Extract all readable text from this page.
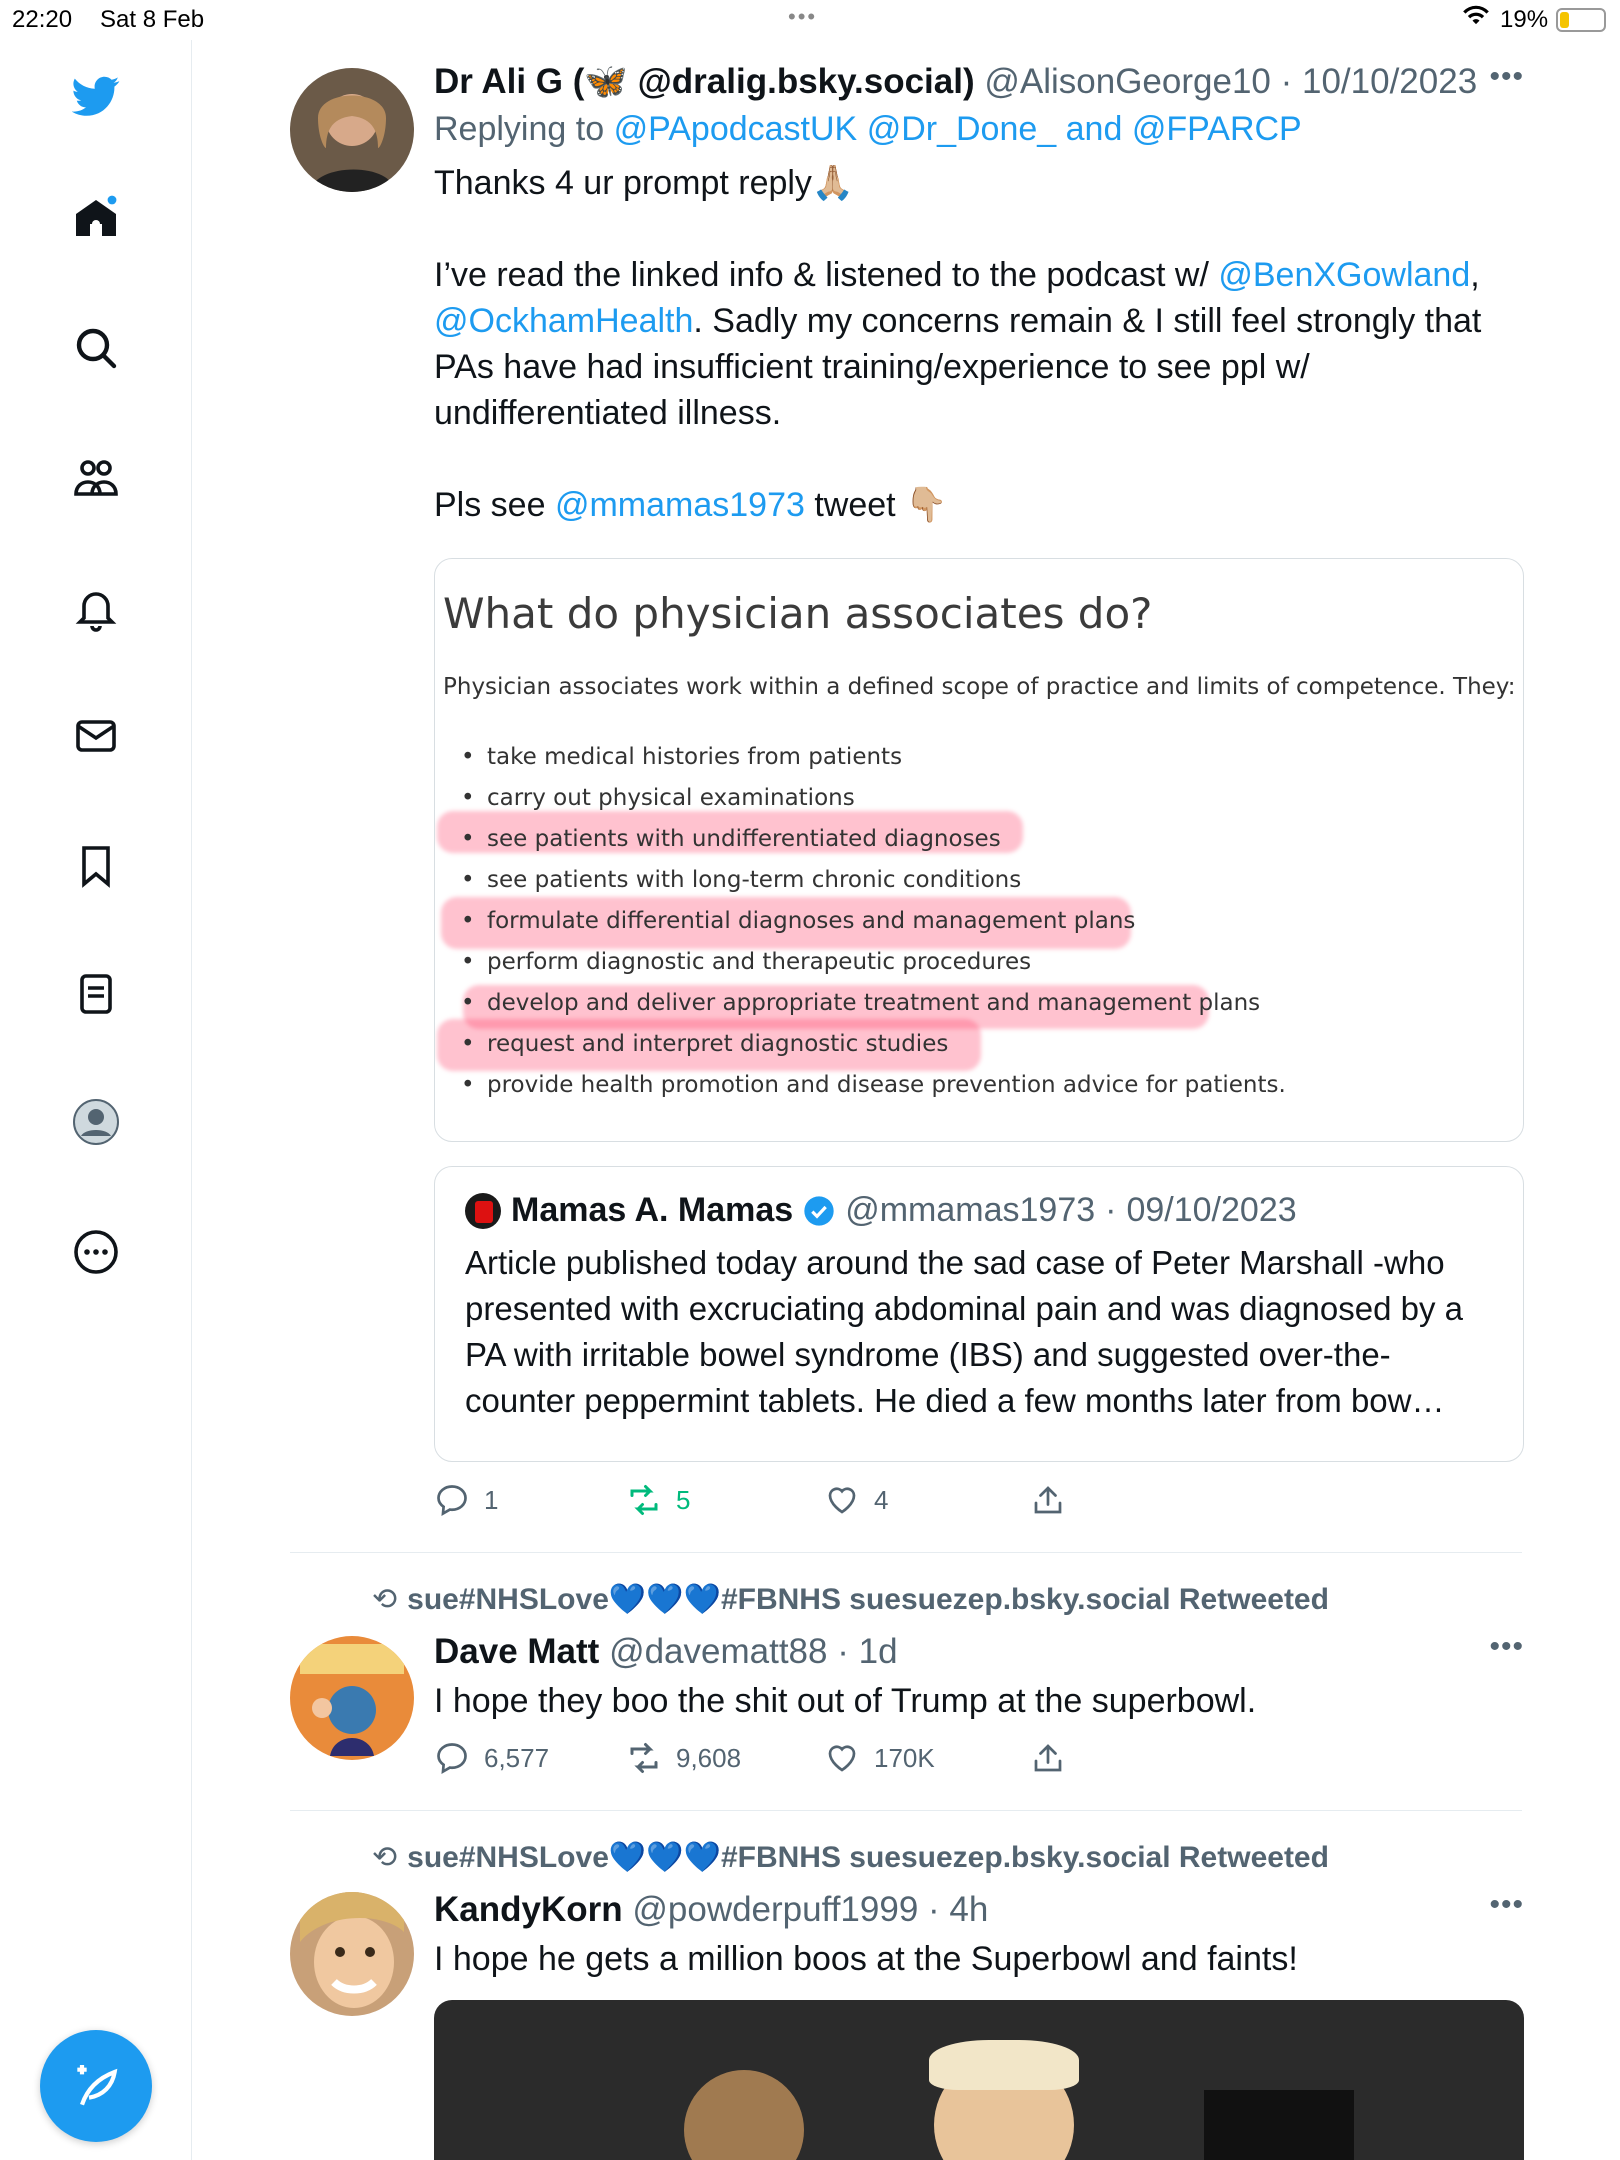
22:20 Sat 8 Feb	•••	19%
Dr Ali G (🦋 @dralig.bsky.social) @AlisonGeorge10 · 10/10/2023 •••
Replying to @PApodcastUK @Dr_Done_ and @FPARCP
Thanks 4 ur prompt reply🙏🏼
I’ve read the linked info & listened to the podcast w/ @BenXGowland, @OckhamHealth. Sadly my concerns remain & I still feel strongly that PAs have had insufficient training/experience to see ppl w/ undifferentiated illness.
Pls see @mmamas1973 tweet 👇🏼
What do physician associates do?
Physician associates work within a defined scope of practice and limits of competence. They:
• take medical histories from patients
• carry out physical examinations
• see patients with undifferentiated diagnoses
• see patients with long-term chronic conditions
• formulate differential diagnoses and management plans
• perform diagnostic and therapeutic procedures
• develop and deliver appropriate treatment and management plans
• request and interpret diagnostic studies
• provide health promotion and disease prevention advice for patients.
Mamas A. Mamas @mmamas1973 · 09/10/2023
Article published today around the sad case of Peter Marshall -who presented with excruciating abdominal pain and was diagnosed by a PA with irritable bowel syndrome (IBS) and suggested over-the-counter peppermint tablets. He died a few months later from bow…
1	5	4
⟲ sue#NHSLove💙💙💙#FBNHS suesuezep.bsky.social Retweeted
Dave Matt @davematt88 · 1d	•••
I hope they boo the shit out of Trump at the superbowl.
6,577	9,608	170K
⟲ sue#NHSLove💙💙💙#FBNHS suesuezep.bsky.social Retweeted
KandyKorn @powderpuff1999 · 4h	•••
I hope he gets a million boos at the Superbowl and faints!
